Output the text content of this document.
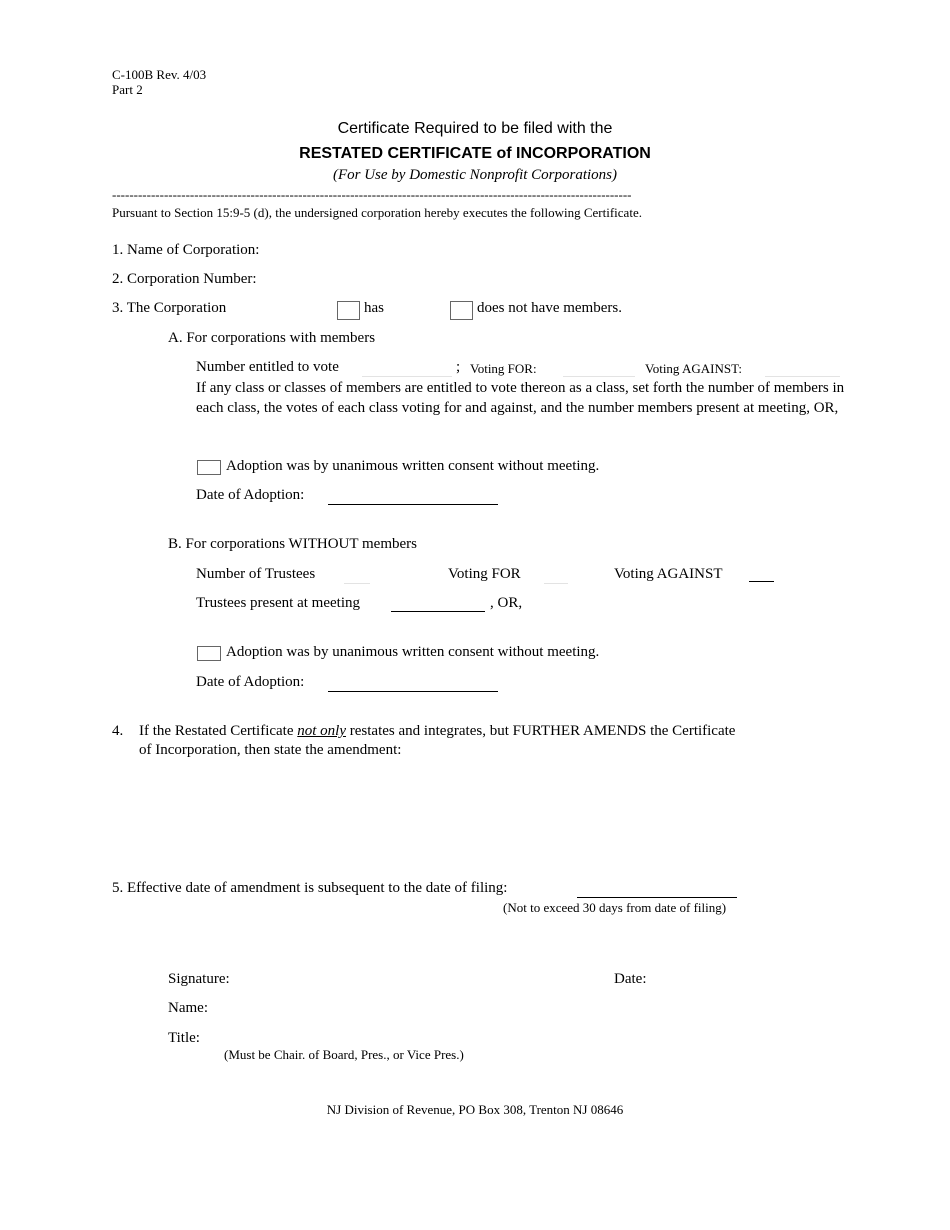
C-100B Rev. 4/03
Part 2
Certificate Required to be filed with the
RESTATED CERTIFICATE of INCORPORATION
(For Use by Domestic Nonprofit Corporations)
------------------------------------------------------------------------------------------------------------------------
Pursuant to Section 15:9-5 (d), the undersigned corporation hereby executes the following Certificate.
1. Name of Corporation:
2. Corporation Number:
3. The Corporation	has	does not have members.
A. For corporations with members
Number entitled to vote	; Voting FOR:	Voting AGAINST:
If any class or classes of members are entitled to vote thereon as a class, set forth the number of members in each class, the votes of each class voting for and against, and the number members present at meeting, OR,
Adoption was by unanimous written consent without meeting.
Date of Adoption:
B. For corporations WITHOUT members
Number of Trustees	Voting FOR	Voting AGAINST
Trustees present at meeting	, OR,
Adoption was by unanimous written consent without meeting.
Date of Adoption:
4. If the Restated Certificate not only restates and integrates, but FURTHER AMENDS the Certificate
of Incorporation, then state the amendment:
5. Effective date of amendment is subsequent to the date of filing:
(Not to exceed 30 days from date of filing)
Signature:	Date:
Name:
Title:
(Must be Chair. of Board, Pres., or Vice Pres.)
NJ Division of Revenue, PO Box 308, Trenton NJ 08646
